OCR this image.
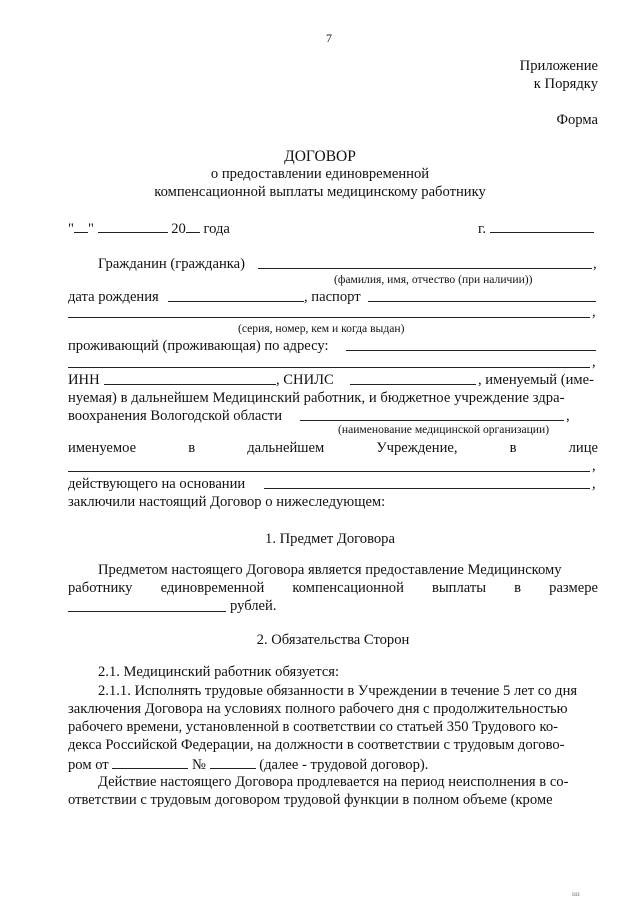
7
Приложение
к Порядку
Форма
ДОГОВОР
о предоставлении единовременной
компенсационной выплаты медицинскому работнику
" "	20 года	г.
Гражданин (гражданка)	,
(фамилия, имя, отчество (при наличии))
дата рождения	, паспорт
,
(серия, номер, кем и когда выдан)
проживающий (проживающая) по адресу:
,
ИНН	, СНИЛС	, именуемый (име-
нуемая) в дальнейшем Медицинский работник, и бюджетное учреждение здра-
воохранения Вологодской области	,
(наименование медицинской организации)
именуемое	в	дальнейшем	Учреждение,	в	лице
,
действующего на основании	,
заключили настоящий Договор о нижеследующем:
1. Предмет Договора
Предметом настоящего Договора является предоставление Медицинскому
работнику единовременной компенсационной выплаты в размере
рублей.
2. Обязательства Сторон
2.1. Медицинский работник обязуется:
2.1.1. Исполнять трудовые обязанности в Учреждении в течение 5 лет со дня
заключения Договора на условиях полного рабочего дня с продолжительностью
рабочего времени, установленной в соответствии со статьей 350 Трудового ко-
декса Российской Федерации, на должности в соответствии с трудовым догово-
ром от	№	(далее - трудовой договор).
Действие настоящего Договора продлевается на период неисполнения в со-
ответствии с трудовым договором трудовой функции в полном объеме (кроме
ıııı
